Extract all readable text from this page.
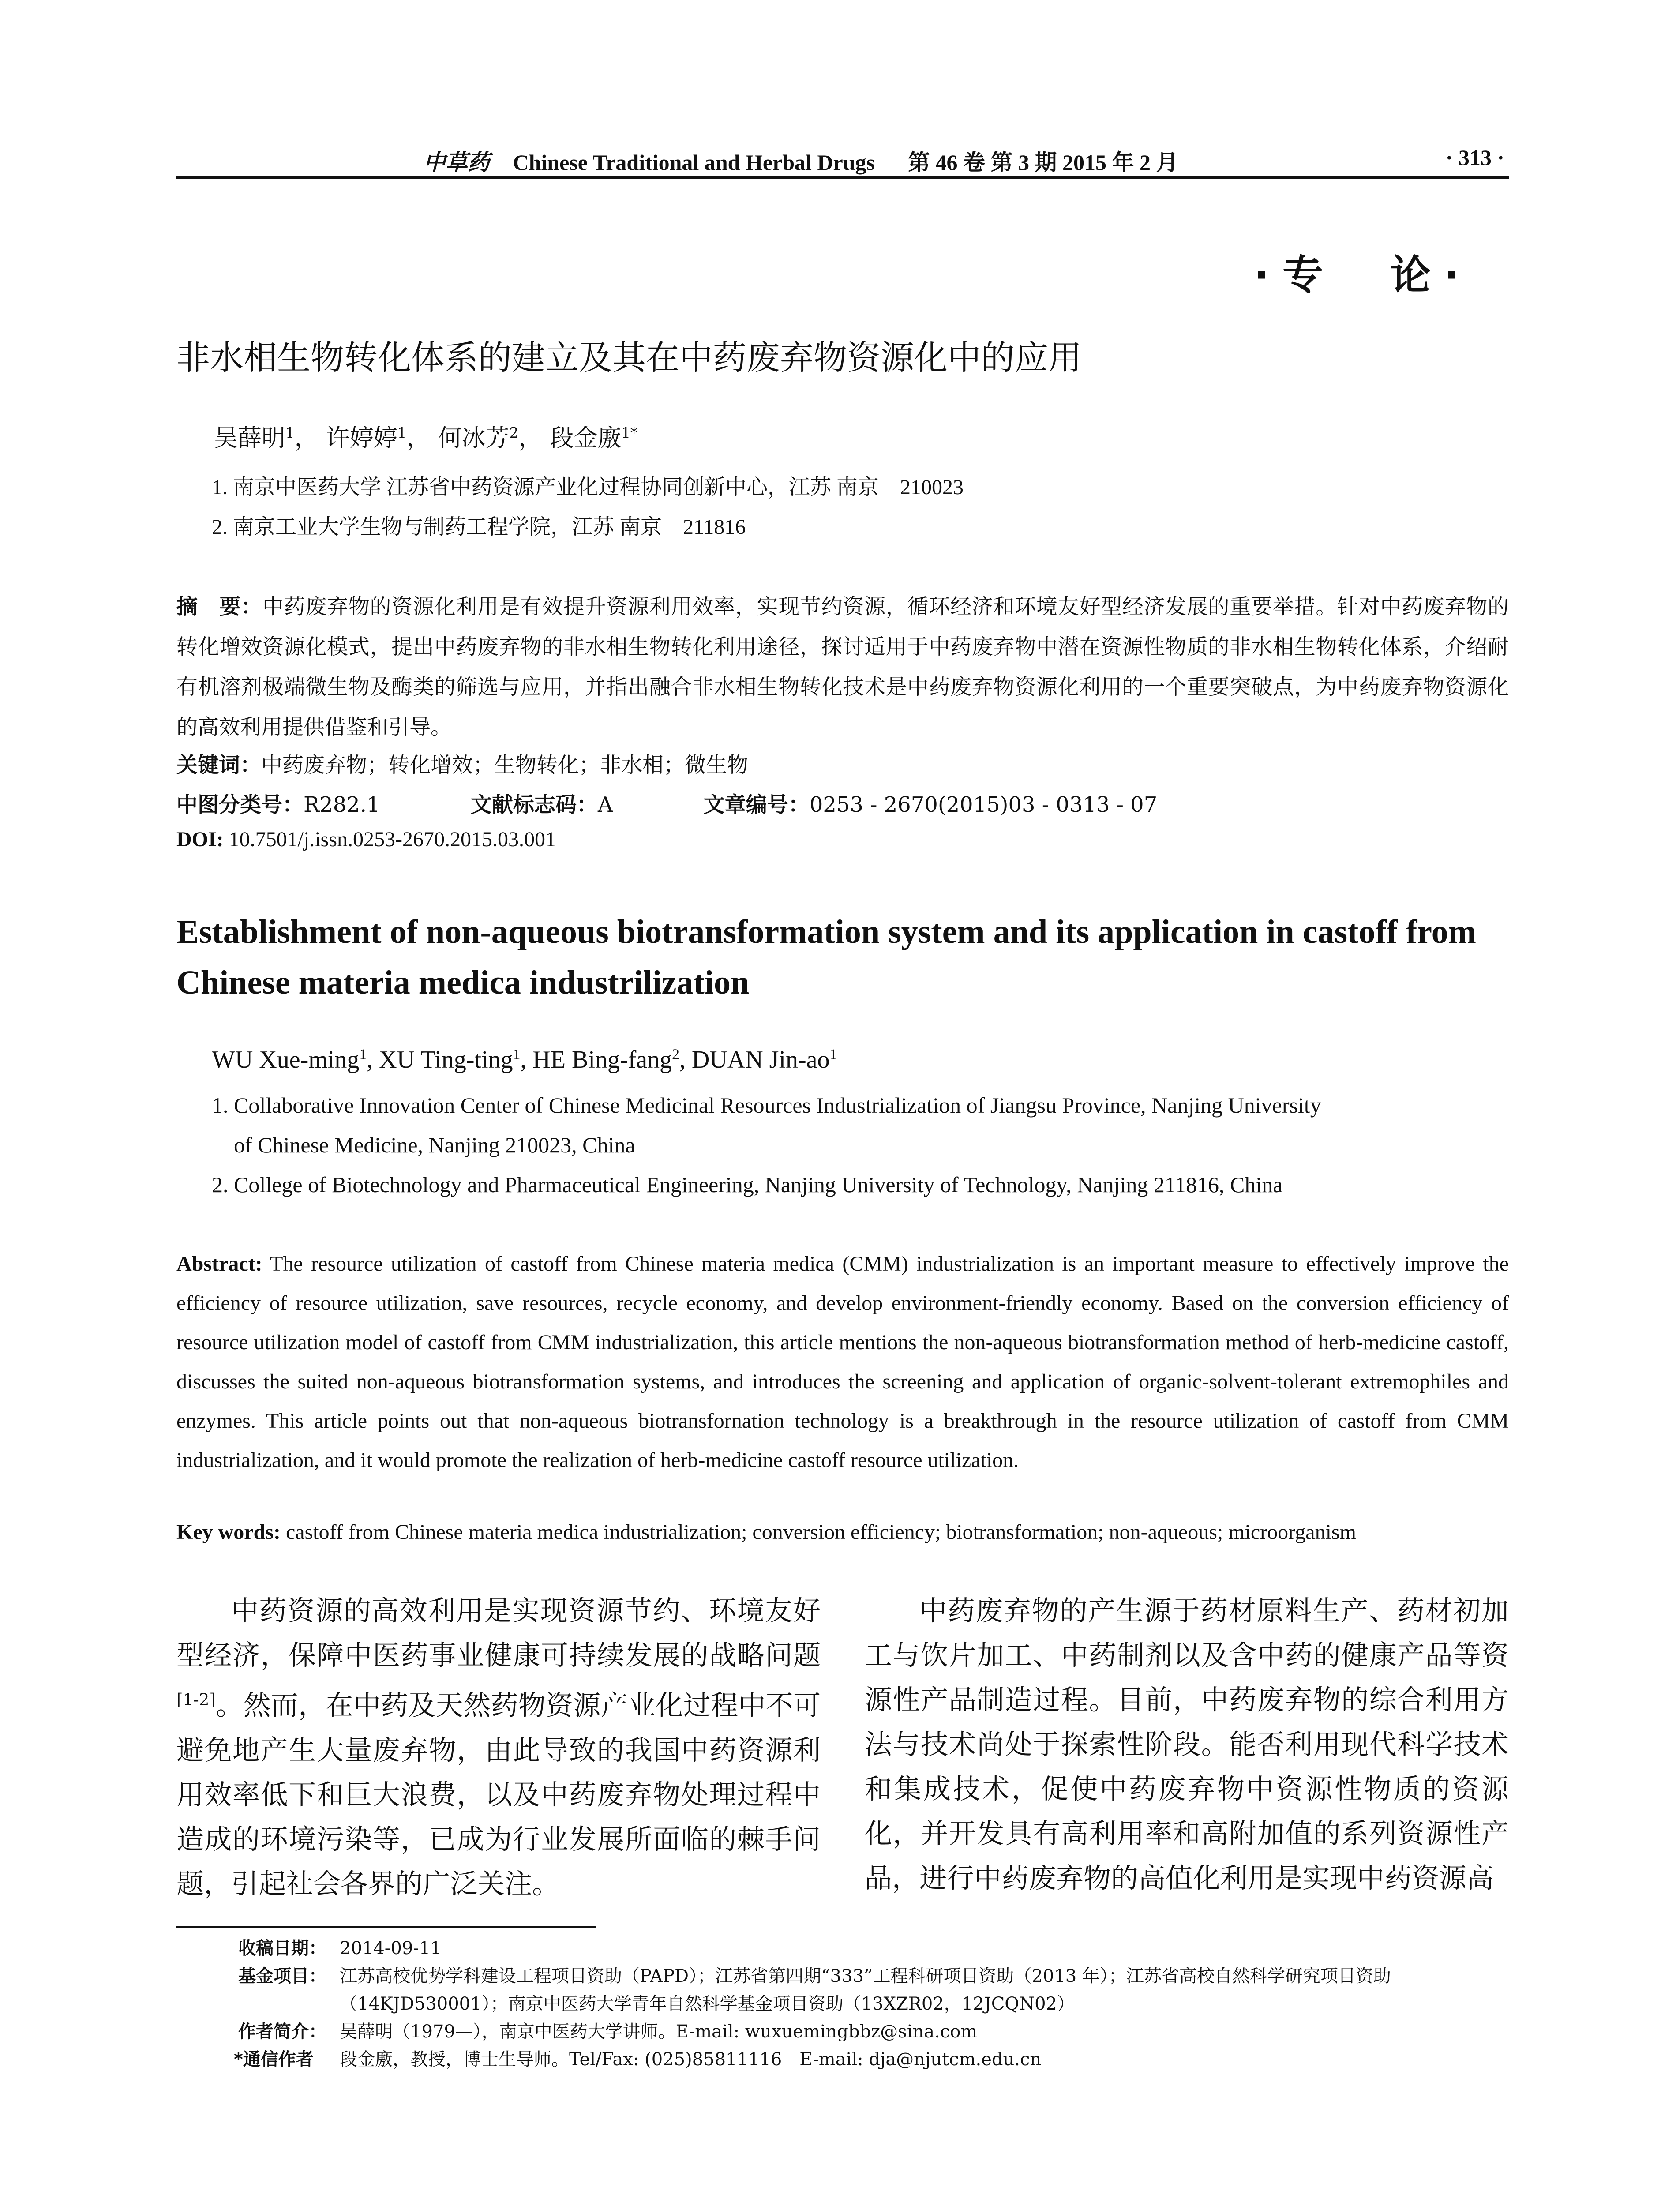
中草药 Chinese Traditional and Herbal Drugs 第 46 卷 第 3 期 2015 年 2 月	· 313 ·
·专　论·
非水相生物转化体系的建立及其在中药废弃物资源化中的应用
吴薛明$^1$， 许婷婷$^1$， 何冰芳$^2$， 段金廒$^{1*}$
1. 南京中医药大学 江苏省中药资源产业化过程协同创新中心，江苏 南京　210023
2. 南京工业大学生物与制药工程学院，江苏 南京　211816
摘　要：中药废弃物的资源化利用是有效提升资源利用效率，实现节约资源，循环经济和环境友好型经济发展的重要举措。针对中药废弃物的转化增效资源化模式，提出中药废弃物的非水相生物转化利用途径，探讨适用于中药废弃物中潜在资源性物质的非水相生物转化体系，介绍耐有机溶剂极端微生物及酶类的筛选与应用，并指出融合非水相生物转化技术是中药废弃物资源化利用的一个重要突破点，为中药废弃物资源化的高效利用提供借鉴和引导。
关键词：中药废弃物；转化增效；生物转化；非水相；微生物
中图分类号：R282.1	文献标志码：A	文章编号：0253 - 2670(2015)03 - 0313 - 07
DOI: 10.7501/j.issn.0253-2670.2015.03.001
Establishment of non-aqueous biotransformation system and its application in castoff from Chinese materia medica industrilization
WU Xue-ming$^1$, XU Ting-ting$^1$, HE Bing-fang$^2$, DUAN Jin-$ao^1$
1. Collaborative Innovation Center of Chinese Medicinal Resources Industrialization of Jiangsu Province, Nanjing University
of Chinese Medicine, Nanjing 210023, China
2. College of Biotechnology and Pharmaceutical Engineering, Nanjing University of Technology, Nanjing 211816, China
Abstract: The resource utilization of castoff from Chinese materia medica (CMM) industrialization is an important measure to effectively improve the efficiency of resource utilization, save resources, recycle economy, and develop environment-friendly economy. Based on the conversion efficiency of resource utilization model of castoff from CMM industrialization, this article mentions the non-aqueous biotransformation method of herb-medicine castoff, discusses the suited non-aqueous biotransformation systems, and introduces the screening and application of organic-solvent-tolerant extremophiles and enzymes. This article points out that non-aqueous biotransfornation technology is a breakthrough in the resource utilization of castoff from CMM industrialization, and it would promote the realization of herb-medicine castoff resource utilization.
Key words: castoff from Chinese materia medica industrialization; conversion efficiency; biotransformation; non-aqueous; microorganism

中药资源的高效利用是实现资源节约、环境友好型经济，保障中医药事业健康可持续发展的战略问题[1-2]。然而，在中药及天然药物资源产业化过程中不可避免地产生大量废弃物，由此导致的我国中药资源利用效率低下和巨大浪费，以及中药废弃物处理过程中造成的环境污染等，已成为行业发展所面临的棘手问题，引起社会各界的广泛关注。

中药废弃物的产生源于药材原料生产、药材初加工与饮片加工、中药制剂以及含中药的健康产品等资源性产品制造过程。目前，中药废弃物的综合利用方法与技术尚处于探索性阶段。能否利用现代科学技术和集成技术，促使中药废弃物中资源性物质的资源化，并开发具有高利用率和高附加值的系列资源性产品，进行中药废弃物的高值化利用是实现中药资源高

收稿日期： 2014-09-11
基金项目： 江苏高校优势学科建设工程项目资助（PAPD）；江苏省第四期“333”工程科研项目资助（2013 年）；江苏省高校自然科学研究项目资助（14KJD530001）；南京中医药大学青年自然科学基金项目资助（13XZR02，12JCQN02）
作者简介： 吴薛明（1979—），南京中医药大学讲师。E-mail: wuxuemingbbz@sina.com
*通信作者 段金廒，教授，博士生导师。Tel/Fax: (025)85811116　E-mail: dja@njutcm.edu.cn
